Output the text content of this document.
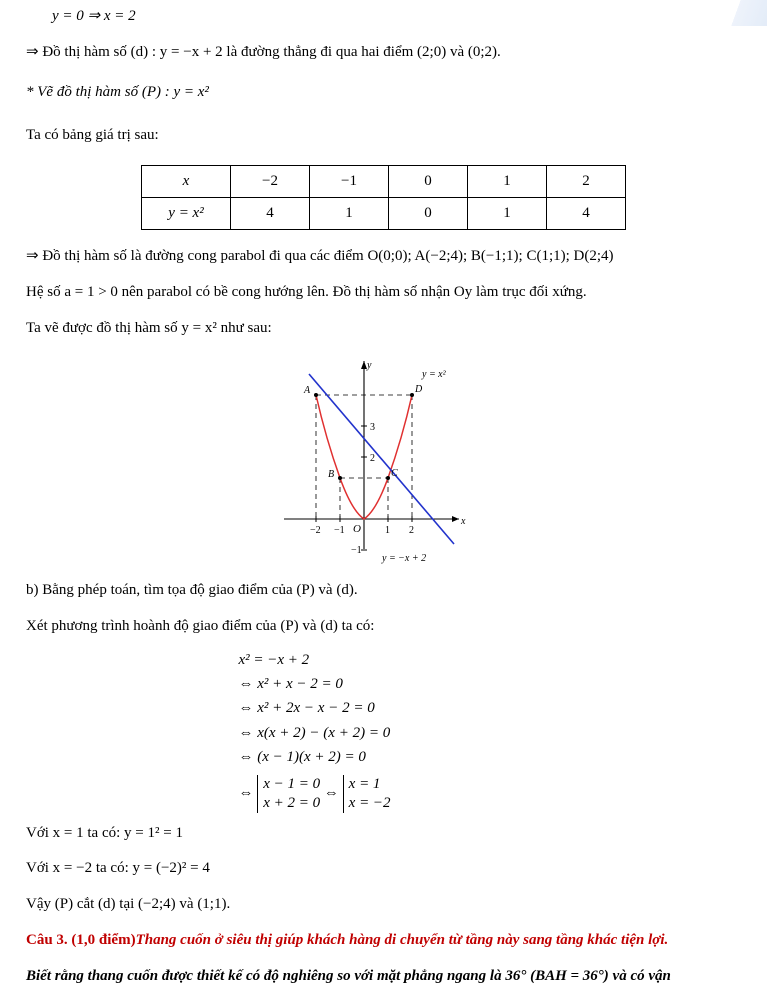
y = 0 ⇒ x = 2
⇒ Đồ thị hàm số (d) : y = −x + 2 là đường thẳng đi qua hai điểm (2;0) và (0;2).
* Vẽ đồ thị hàm số (P) : y = x²
Ta có bảng giá trị sau:
x	−2	−1	0	1	2
y = x²	4	1	0	1	4
⇒ Đồ thị hàm số là đường cong parabol đi qua các điểm O(0;0); A(−2;4); B(−1;1); C(1;1); D(2;4)
Hệ số a = 1 > 0 nên parabol có bề cong hướng lên. Đồ thị hàm số nhận Oy làm trục đối xứng.
Ta vẽ được đồ thị hàm số y = x² như sau:
A	D
B	C
y
x
O
−2 −1	1 2
3
2
−1
y = x²
y = −x + 2
b) Bằng phép toán, tìm tọa độ giao điểm của (P) và (d).
Xét phương trình hoành độ giao điểm của (P) và (d) ta có:
x² = −x + 2
⇔ x² + x − 2 = 0
⇔ x² + 2x − x − 2 = 0
⇔ x(x + 2) − (x + 2) = 0
⇔ (x − 1)(x + 2) = 0
⇔
x − 1 = 0
x + 2 = 0
⇔
x = 1
x = −2
Với x = 1 ta có: y = 1² = 1
Với x = −2 ta có: y = (−2)² = 4
Vậy (P) cắt (d) tại (−2;4) và (1;1).
Câu 3. (1,0 điểm)Thang cuốn ở siêu thị giúp khách hàng di chuyển từ tầng này sang tầng khác tiện lợi.
Biết rằng thang cuốn được thiết kế có độ nghiêng so với mặt phẳng ngang là 36° (BAH = 36°) và có vận
